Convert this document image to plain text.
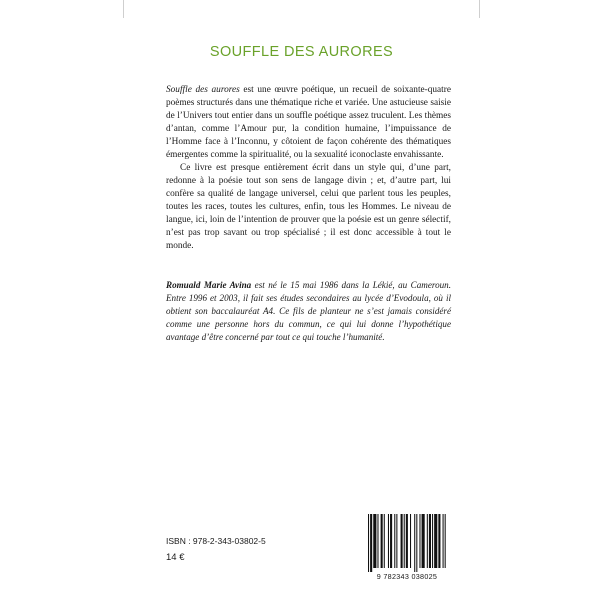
SOUFFLE DES AURORES

Souffle des aurores est une œuvre poétique, un recueil de soixante-quatre poèmes structurés dans une thématique riche et variée. Une astucieuse saisie de l’Univers tout entier dans un souffle poétique assez truculent. Les thèmes d’antan, comme l’Amour pur, la condition humaine, l’impuissance de l’Homme face à l’Inconnu, y côtoient de façon cohérente des thématiques émergentes comme la spiritualité, ou la sexualité iconoclaste envahissante.

Ce livre est presque entièrement écrit dans un style qui, d’une part, redonne à la poésie tout son sens de langage divin ; et, d’autre part, lui confère sa qualité de langage universel, celui que parlent tous les peuples, toutes les races, toutes les cultures, enfin, tous les Hommes. Le niveau de langue, ici, loin de l’intention de prouver que la poésie est un genre sélectif, n’est pas trop savant ou trop spécialisé ; il est donc accessible à tout le monde.

Romuald Marie Avina est né le 15 mai 1986 dans la Lékié, au Cameroun. Entre 1996 et 2003, il fait ses études secondaires au lycée d’Evodoula, où il obtient son baccalauréat A4. Ce fils de planteur ne s’est jamais considéré comme une personne hors du commun, ce qui lui donne l’hypothétique avantage d’être concerné par tout ce qui touche l’humanité.
ISBN : 978-2-343-03802-5
14 €
9 782343 038025
